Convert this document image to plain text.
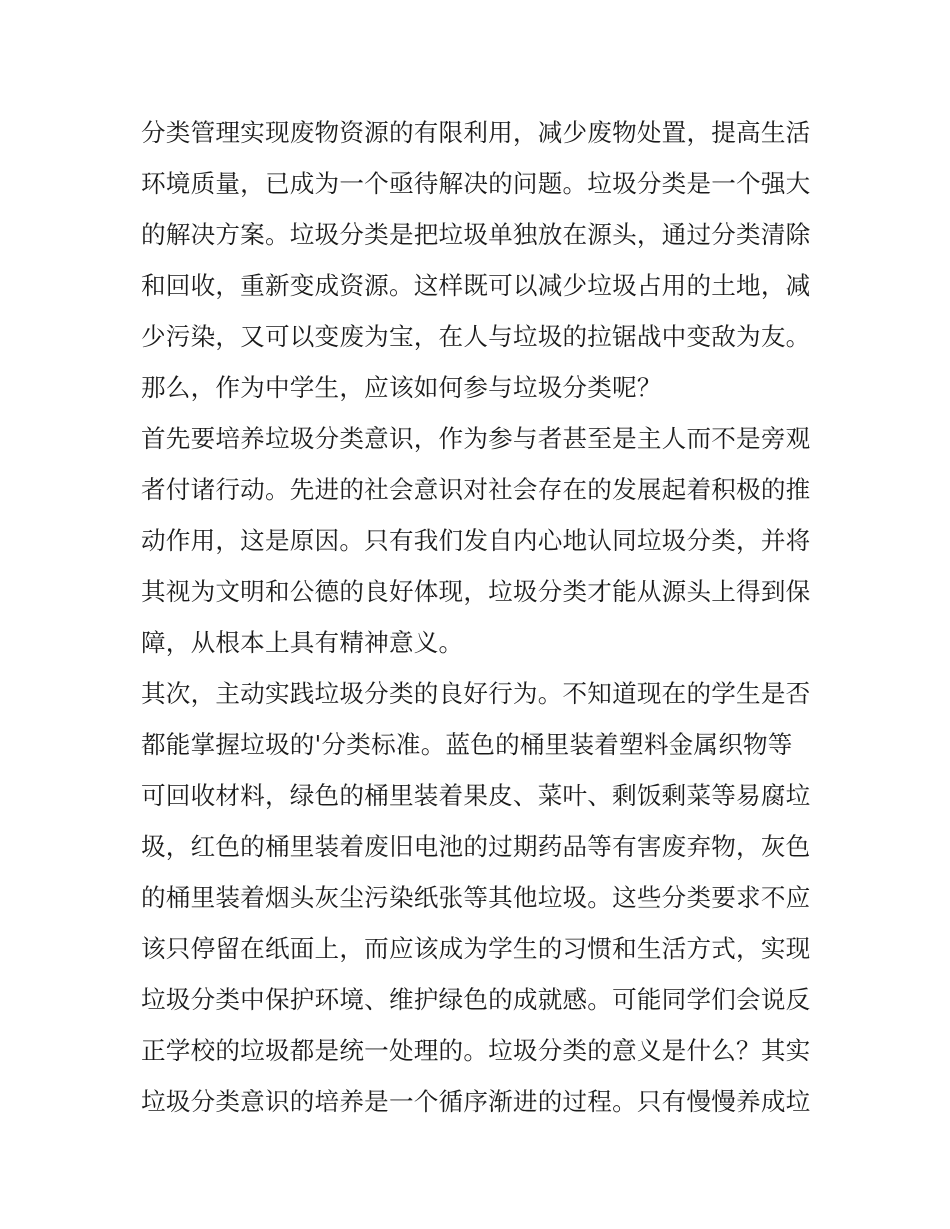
分类管理实现废物资源的有限利用，减少废物处置，提高生活
环境质量，已成为一个亟待解决的问题。垃圾分类是一个强大
的解决方案。垃圾分类是把垃圾单独放在源头，通过分类清除
和回收，重新变成资源。这样既可以减少垃圾占用的土地，减
少污染，又可以变废为宝，在人与垃圾的拉锯战中变敌为友。
那么，作为中学生，应该如何参与垃圾分类呢？
首先要培养垃圾分类意识，作为参与者甚至是主人而不是旁观
者付诸行动。先进的社会意识对社会存在的发展起着积极的推
动作用，这是原因。只有我们发自内心地认同垃圾分类，并将
其视为文明和公德的良好体现，垃圾分类才能从源头上得到保
障，从根本上具有精神意义。
其次，主动实践垃圾分类的良好行为。不知道现在的学生是否
都能掌握垃圾的'分类标准。蓝色的桶里装着塑料金属织物等
可回收材料，绿色的桶里装着果皮、菜叶、剩饭剩菜等易腐垃
圾，红色的桶里装着废旧电池的过期药品等有害废弃物，灰色
的桶里装着烟头灰尘污染纸张等其他垃圾。这些分类要求不应
该只停留在纸面上，而应该成为学生的习惯和生活方式，实现
垃圾分类中保护环境、维护绿色的成就感。可能同学们会说反
正学校的垃圾都是统一处理的。垃圾分类的意义是什么？其实
垃圾分类意识的培养是一个循序渐进的过程。只有慢慢养成垃
